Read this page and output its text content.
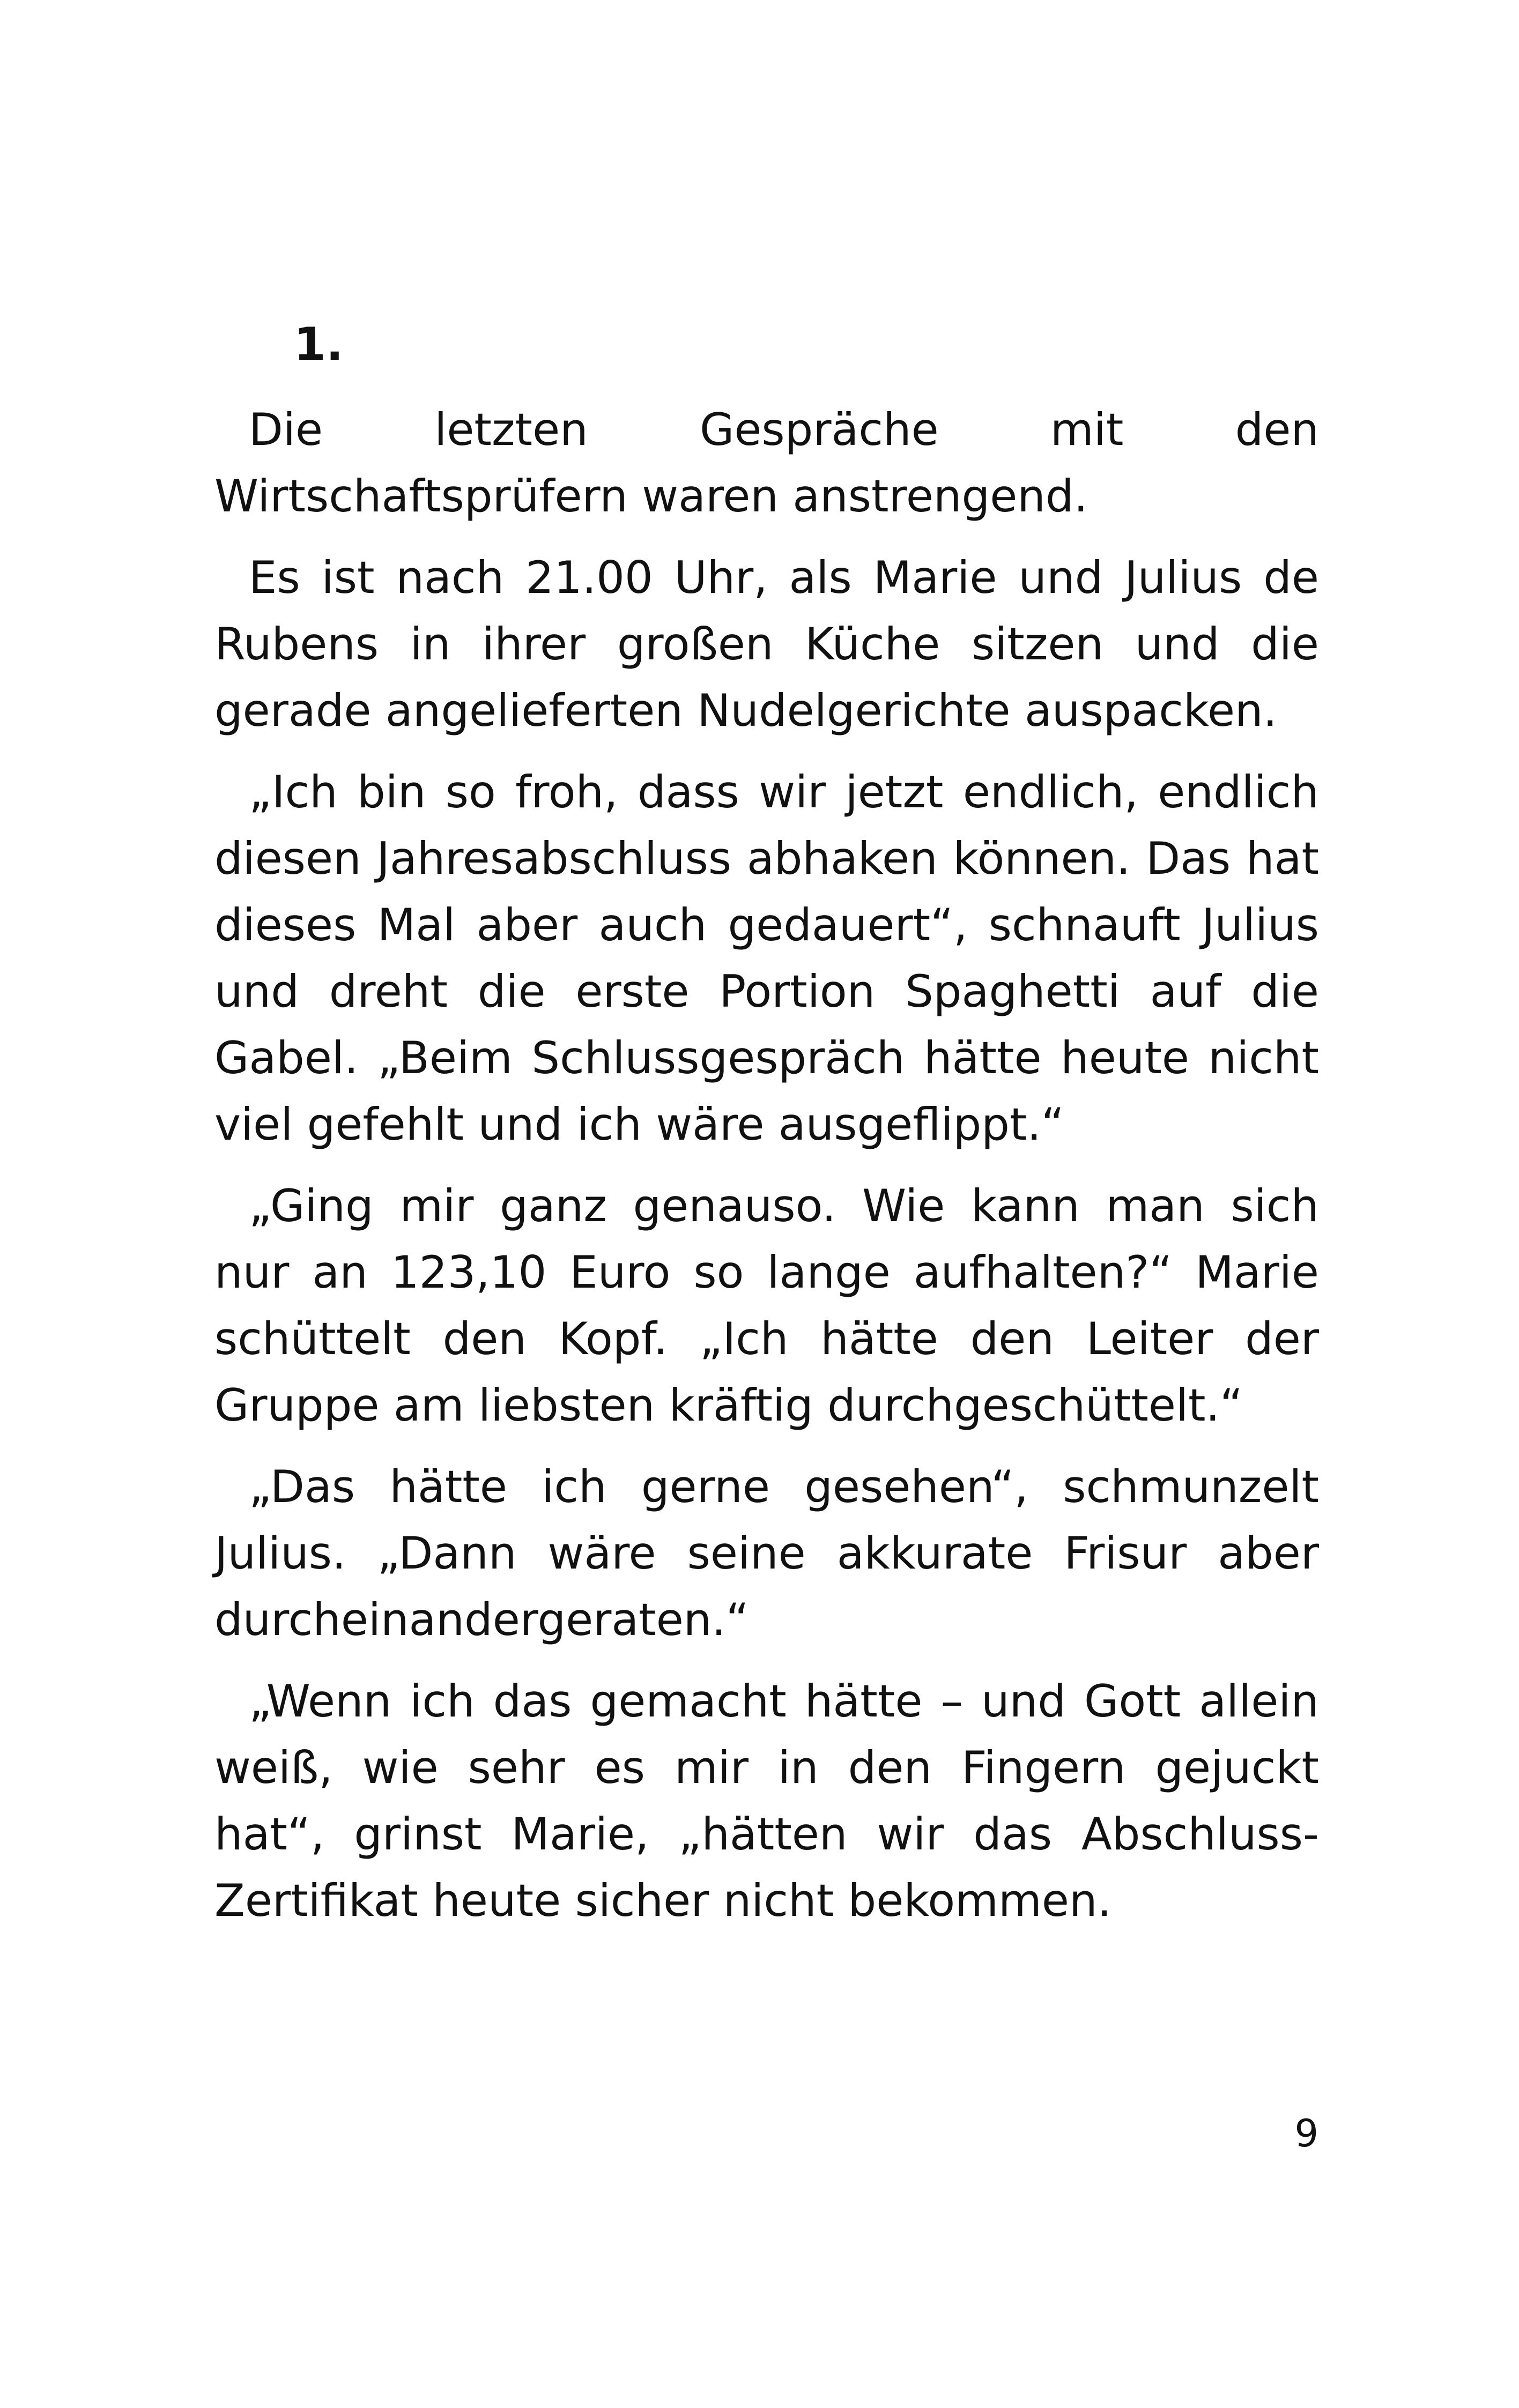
1.

Die letzten Gespräche mit den Wirtschaftsprüfern waren anstrengend.

Es ist nach 21.00 Uhr, als Marie und Julius de Rubens in ihrer großen Küche sitzen und die gerade angelieferten Nudelgerichte auspacken.

„Ich bin so froh, dass wir jetzt endlich, endlich diesen Jahresabschluss abhaken können. Das hat dieses Mal aber auch gedauert“, schnauft Julius und dreht die erste Portion Spaghetti auf die Gabel. „Beim Schlussgespräch hätte heute nicht viel gefehlt und ich wäre ausgeflippt.“

„Ging mir ganz genauso. Wie kann man sich nur an 123,10 Euro so lange aufhalten?“ Marie schüttelt den Kopf. „Ich hätte den Leiter der Gruppe am liebsten kräftig durchgeschüttelt.“

„Das hätte ich gerne gesehen“, schmunzelt Julius. „Dann wäre seine akkurate Frisur aber durcheinandergeraten.“

„Wenn ich das gemacht hätte – und Gott allein weiß, wie sehr es mir in den Fingern gejuckt hat“, grinst Marie, „hätten wir das Abschluss-Zertifikat heute sicher nicht bekommen.

9
